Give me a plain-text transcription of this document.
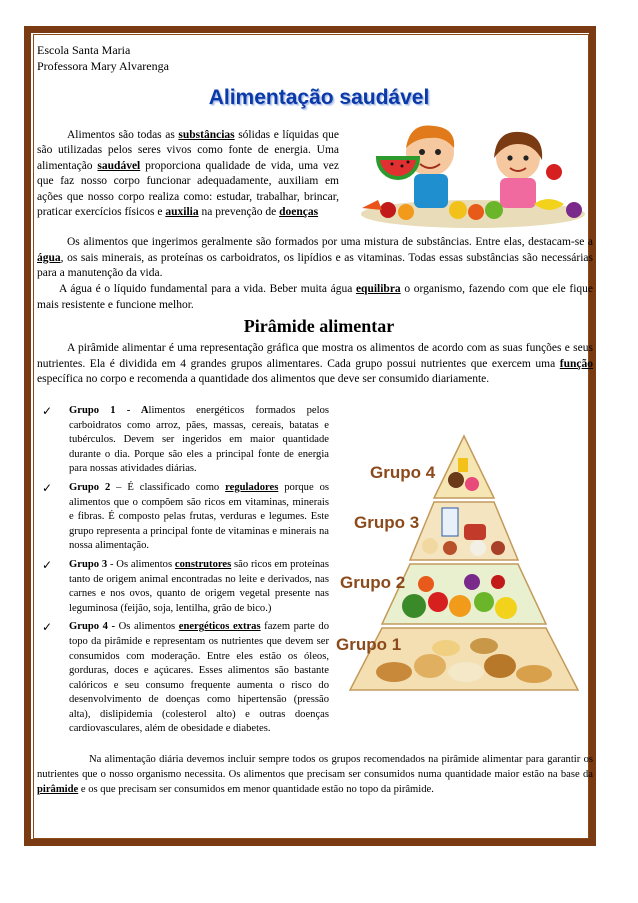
Escola Santa Maria
Professora Mary Alvarenga
Alimentação saudável
Alimentos são todas as substâncias sólidas e líquidas que são utilizadas pelos seres vivos como fonte de energia. Uma alimentação saudável proporciona qualidade de vida, uma vez que faz nosso corpo funcionar adequadamente, auxiliam em ações que nosso corpo realiza como: estudar, trabalhar, brincar, praticar exercícios físicos e auxilia na prevenção de doenças
Os alimentos que ingerimos geralmente são formados por uma mistura de substâncias. Entre elas, destacam-se a água, os sais minerais, as proteínas os carboidratos, os lipídios e as vitaminas. Todas essas substâncias são necessárias para a manutenção da vida.
A água é o líquido fundamental para a vida. Beber muita água equilibra o organismo, fazendo com que ele fique mais resistente e funcione melhor.
Pirâmide alimentar
A pirâmide alimentar é uma representação gráfica que mostra os alimentos de acordo com as suas funções e seus nutrientes. Ela é dividida em 4 grandes grupos alimentares. Cada grupo possui nutrientes que exercem uma função específica no corpo e recomenda a quantidade dos alimentos que deve ser consumido diariamente.
✓ Grupo 1 - Alimentos energéticos formados pelos carboidratos como arroz, pães, massas, cereais, batatas e tubérculos. Devem ser ingeridos em maior quantidade durante o dia. Porque são eles a principal fonte de energia para nossas atividades diárias.
✓ Grupo 2 – É classificado como reguladores porque os alimentos que o compõem são ricos em vitaminas, minerais e fibras. É composto pelas frutas, verduras e legumes. Este grupo representa a principal fonte de vitaminas e minerais na nossa alimentação.
✓ Grupo 3 - Os alimentos construtores são ricos em proteínas tanto de origem animal encontradas no leite e derivados, nas carnes e nos ovos, quanto de origem vegetal presente nas leguminosa (feijão, soja, lentilha, grão de bico.)
✓ Grupo 4 - Os alimentos energéticos extras fazem parte do topo da pirâmide e representam os nutrientes que devem ser consumidos com moderação. Entre eles estão os óleos, gorduras, doces e açúcares. Esses alimentos são bastante calóricos e seu consumo frequente aumenta o risco do desenvolvimento de doenças como hipertensão (pressão alta), dislipidemia (colesterol alto) e outras doenças cardiovasculares, além de obesidade e diabetes.
Grupo 4
Grupo 3
Grupo 2
Grupo 1
Na alimentação diária devemos incluir sempre todos os grupos recomendados na pirâmide alimentar para garantir os nutrientes que o nosso organismo necessita. Os alimentos que precisam ser consumidos numa quantidade maior estão na base da pirâmide e os que precisam ser consumidos em menor quantidade estão no topo da pirâmide.
